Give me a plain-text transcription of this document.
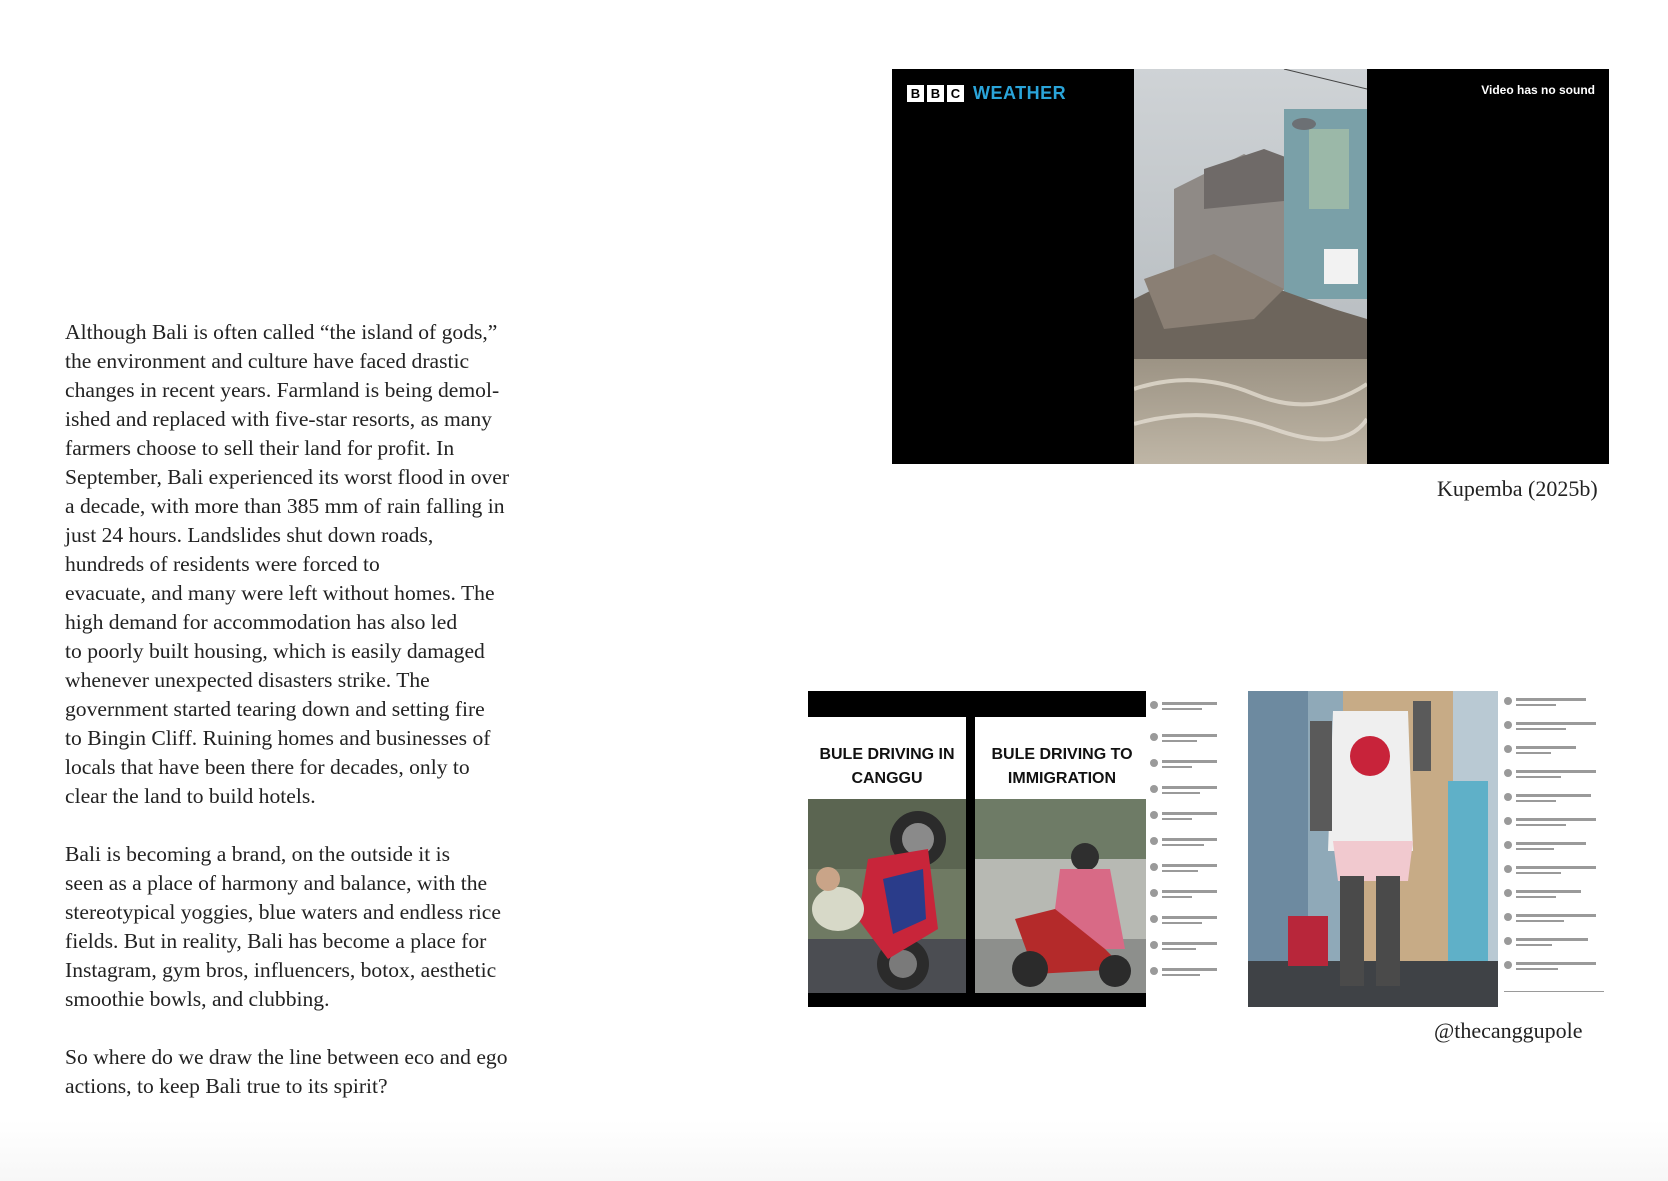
Although Bali is often called “the island of gods,”
the environment and culture have faced drastic
changes in recent years. Farmland is being demol-
ished and replaced with five-star resorts, as many
farmers choose to sell their land for profit. In
September, Bali experienced its worst flood in over
a decade, with more than 385 mm of rain falling in
just 24 hours. Landslides shut down roads,
hundreds of residents were forced to
evacuate, and many were left without homes. The
high demand for accommodation has also led
to poorly built housing, which is easily damaged
whenever unexpected disasters strike. The
government started tearing down and setting fire
to Bingin Cliff. Ruining homes and businesses of
locals that have been there for decades, only to
clear the land to build hotels.

Bali is becoming a brand, on the outside it is
seen as a place of harmony and balance, with the
stereotypical yoggies, blue waters and endless rice
fields. But in reality, Bali has become a place for
Instagram, gym bros, influencers, botox, aesthetic
smoothie bowls, and clubbing.

So where do we draw the line between eco and ego
actions, to keep Bali true to its spirit?

B B C WEATHER	Video has no sound
Kupemba (2025b)
BULE DRIVING IN CANGGU
BULE DRIVING TO IMMIGRATION
@thecanggupole
